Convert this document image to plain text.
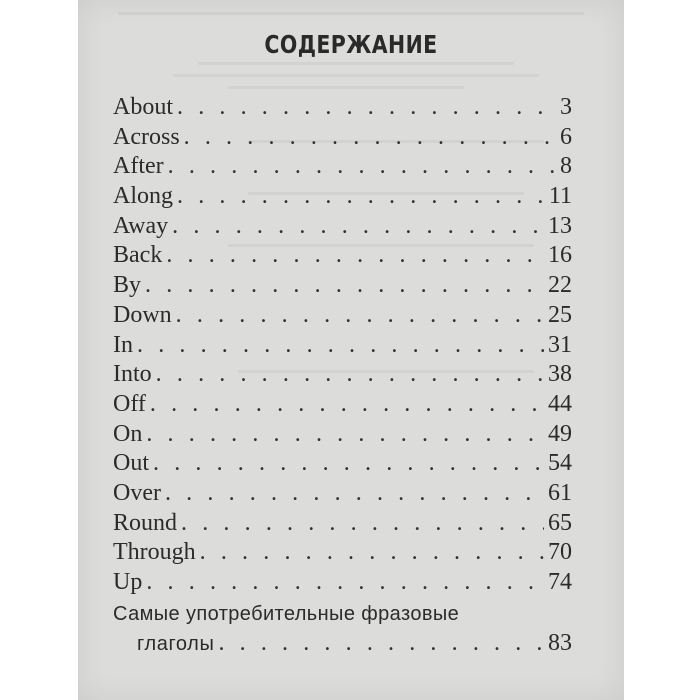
СОДЕРЖАНИЕ
About . . .	3
Across . . .	6
After . . .	8
Along . . .	11
Away . . .	13
Back . . .	16
By . . .	22
Down . . .	25
In . . .	31
Into . . .	38
Off . . .	44
On . . .	49
Out . . .	54
Over . . .	61
Round . . .	65
Through . . .	70
Up . . .	74
Самые употребительные фразовые
глаголы . . .	83
